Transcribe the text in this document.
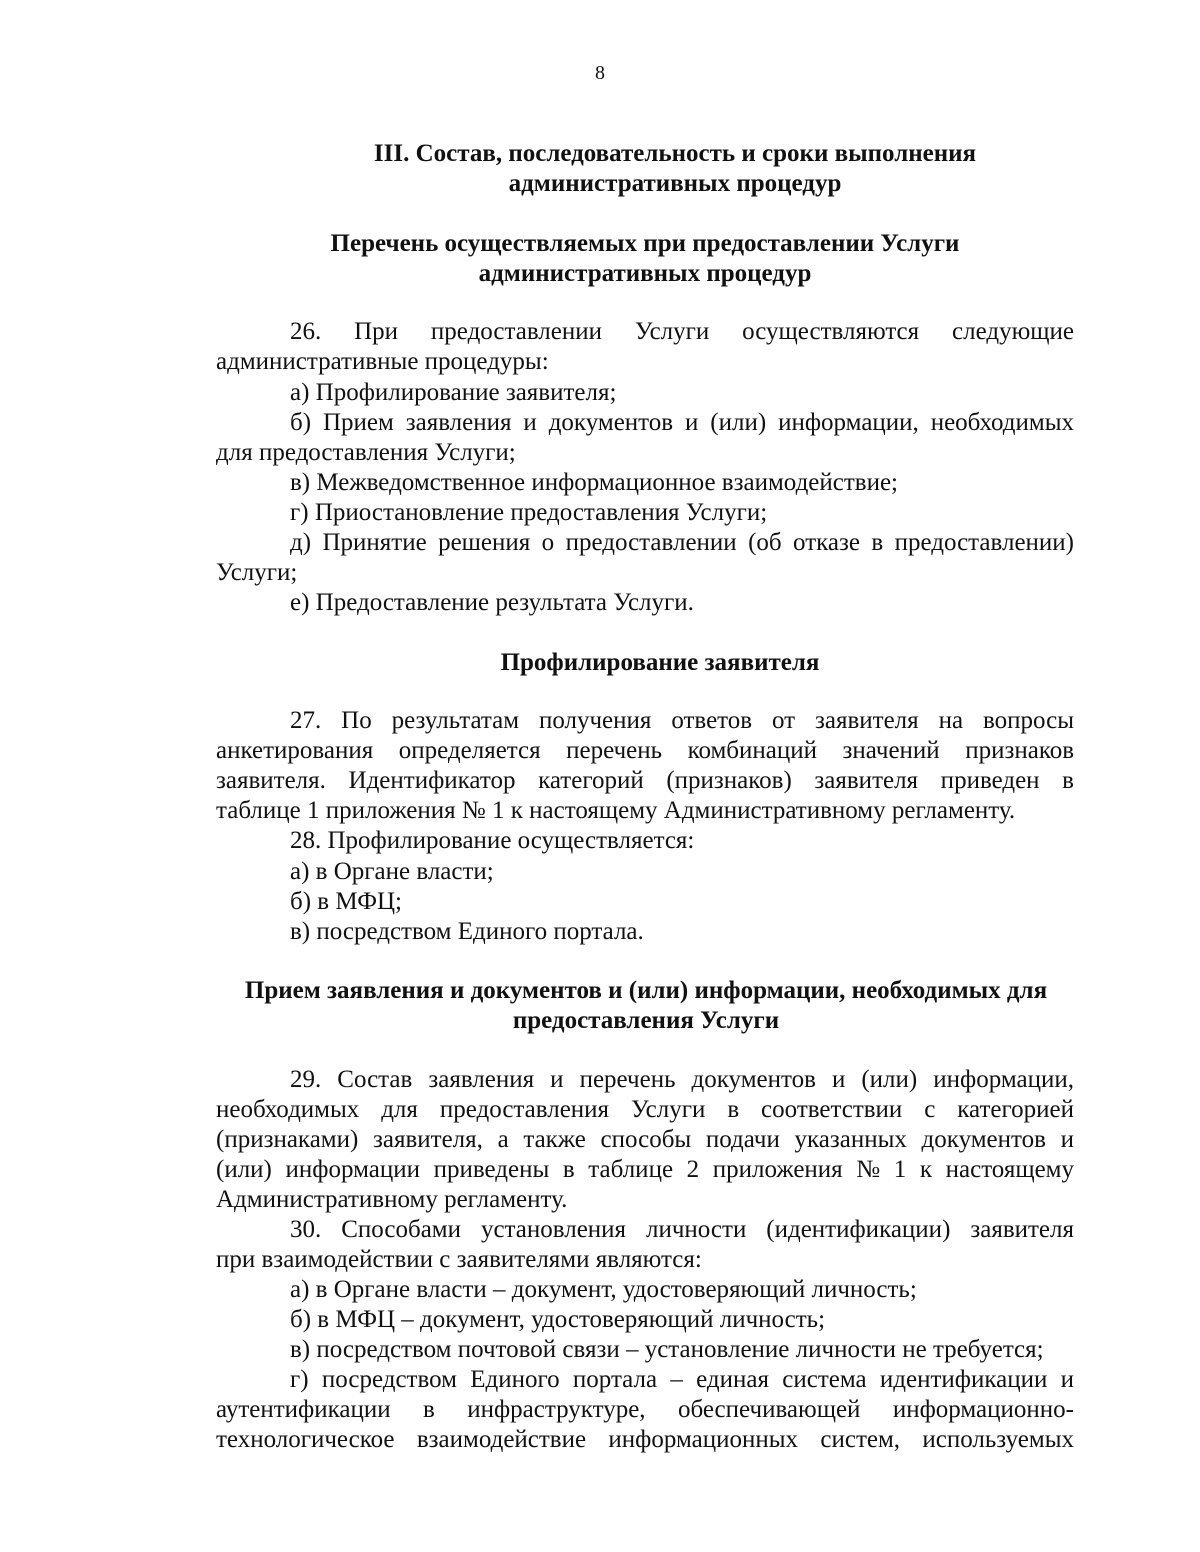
8
III. Состав, последовательность и сроки выполнения
административных процедур
Перечень осуществляемых при предоставлении Услуги
административных процедур
26. При предоставлении Услуги осуществляются следующие
административные процедуры:
а) Профилирование заявителя;
б) Прием заявления и документов и (или) информации, необходимых
для предоставления Услуги;
в) Межведомственное информационное взаимодействие;
г) Приостановление предоставления Услуги;
д) Принятие решения о предоставлении (об отказе в предоставлении)
Услуги;
е) Предоставление результата Услуги.
Профилирование заявителя
27. По результатам получения ответов от заявителя на вопросы
анкетирования определяется перечень комбинаций значений признаков
заявителя. Идентификатор категорий (признаков) заявителя приведен в
таблице 1 приложения № 1 к настоящему Административному регламенту.
28. Профилирование осуществляется:
а) в Органе власти;
б) в МФЦ;
в) посредством Единого портала.
Прием заявления и документов и (или) информации, необходимых для
предоставления Услуги
29. Состав заявления и перечень документов и (или) информации,
необходимых для предоставления Услуги в соответствии с категорией
(признаками) заявителя, а также способы подачи указанных документов и
(или) информации приведены в таблице 2 приложения № 1 к настоящему
Административному регламенту.
30. Способами установления личности (идентификации) заявителя
при взаимодействии с заявителями являются:
а) в Органе власти – документ, удостоверяющий личность;
б) в МФЦ – документ, удостоверяющий личность;
в) посредством почтовой связи – установление личности не требуется;
г) посредством Единого портала – единая система идентификации и
аутентификации в инфраструктуре, обеспечивающей информационно-
технологическое взаимодействие информационных систем, используемых
